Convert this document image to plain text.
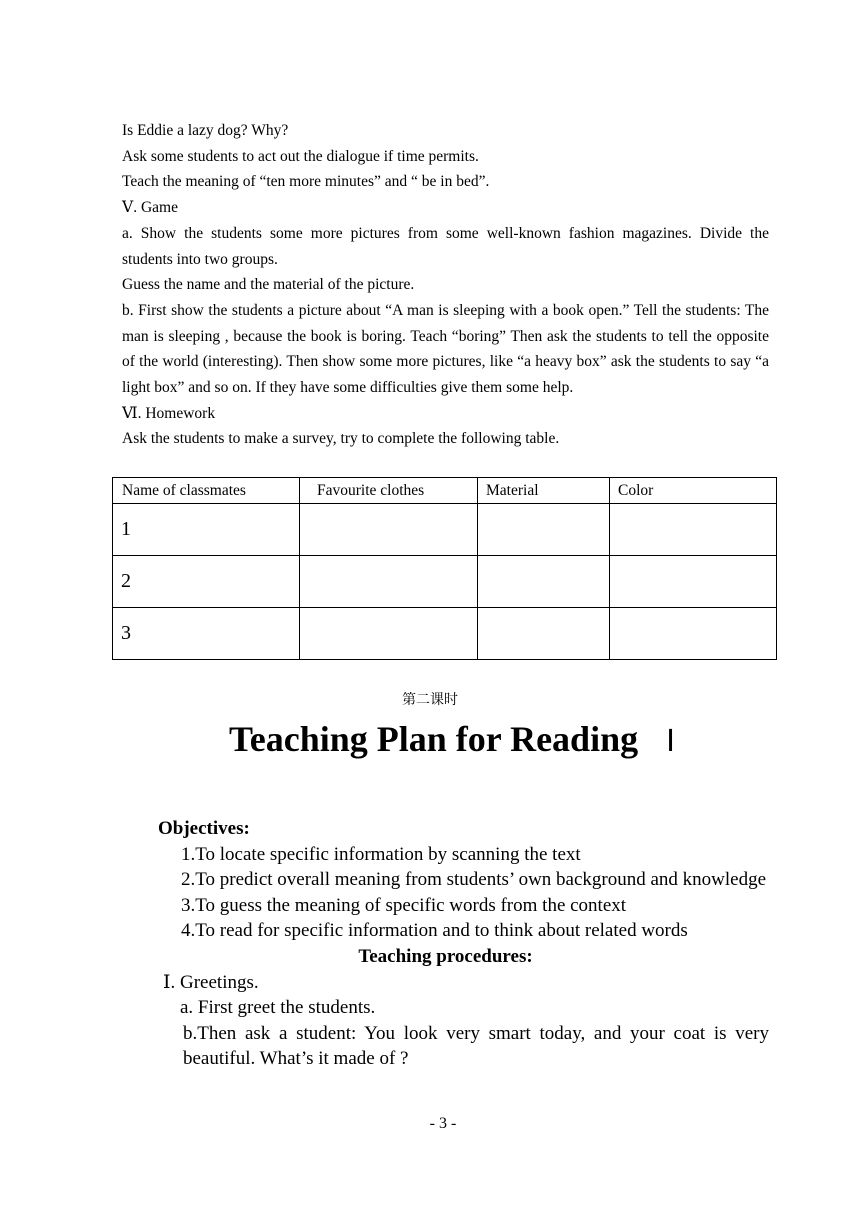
Is Eddie a lazy dog? Why?

Ask some students to act out the dialogue if time permits.

Teach the meaning of “ten more minutes” and “ be in bed”.

Ⅴ. Game

a. Show the students some more pictures from some well-known fashion magazines. Divide the students into two groups.

Guess the name and the material of the picture.

b. First show the students a picture about “A man is sleeping with a book open.” Tell the students: The man is sleeping , because the book is boring. Teach “boring” Then ask the students to tell the opposite of the world (interesting). Then show some more pictures, like “a heavy box” ask the students to say “a light box” and so on. If they have some difficulties give them some help.

Ⅵ. Homework

Ask the students to make a survey, try to complete the following table.

Name of classmates	Favourite clothes	Material	Color
1			
2			
3			
第二课时
Teaching Plan for Reading Ⅰ

Objectives:

1.To locate specific information by scanning the text

2.To predict overall meaning from students’ own background and knowledge

3.To guess the meaning of specific words from the context

4.To read for specific information and to think about related words

Teaching procedures:

Ⅰ. Greetings.

a. First greet the students.

b.Then ask a student: You look very smart today, and your coat is very beautiful. What’s it made of ?

- 3 -
